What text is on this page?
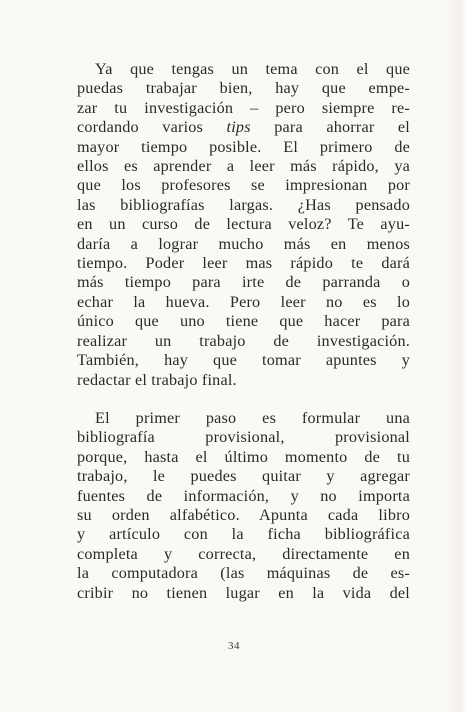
Ya que tengas un tema con el que
puedas trabajar bien, hay que empe-
zar tu investigación – pero siempre re-
cordando varios tips para ahorrar el
mayor tiempo posible. El primero de
ellos es aprender a leer más rápido, ya
que los profesores se impresionan por
las bibliografías largas. ¿Has pensado
en un curso de lectura veloz? Te ayu-
daría a lograr mucho más en menos
tiempo. Poder leer mas rápido te dará
más tiempo para irte de parranda o
echar la hueva. Pero leer no es lo
único que uno tiene que hacer para
realizar un trabajo de investigación.
También, hay que tomar apuntes y
redactar el trabajo final.

El primer paso es formular una
bibliografía provisional, provisional
porque, hasta el último momento de tu
trabajo, le puedes quitar y agregar
fuentes de información, y no importa
su orden alfabético. Apunta cada libro
y artículo con la ficha bibliográfica
completa y correcta, directamente en
la computadora (las máquinas de es-
cribir no tienen lugar en la vida del

34
